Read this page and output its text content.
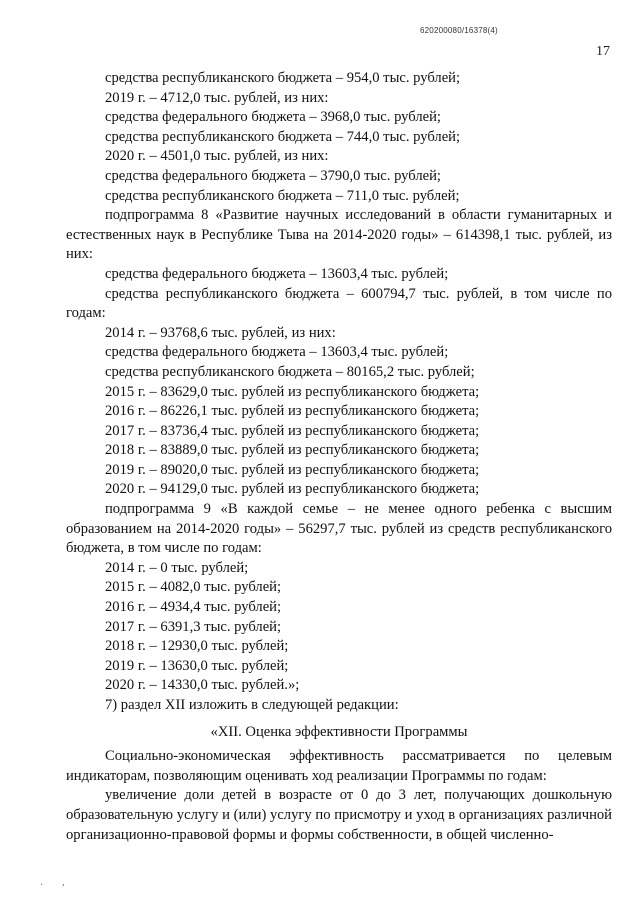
620200080/16378(4)
17

средства республиканского бюджета – 954,0 тыс. рублей;

2019 г. – 4712,0 тыс. рублей, из них:

средства федерального бюджета – 3968,0 тыс. рублей;

средства республиканского бюджета – 744,0 тыс. рублей;

2020 г. – 4501,0 тыс. рублей, из них:

средства федерального бюджета – 3790,0 тыс. рублей;

средства республиканского бюджета – 711,0 тыс. рублей;

подпрограмма 8 «Развитие научных исследований в области гуманитарных и естественных наук в Республике Тыва на 2014-2020 годы» – 614398,1 тыс. рублей, из них:

средства федерального бюджета – 13603,4 тыс. рублей;

средства республиканского бюджета – 600794,7 тыс. рублей, в том числе по годам:

2014 г. – 93768,6 тыс. рублей, из них:

средства федерального бюджета – 13603,4 тыс. рублей;

средства республиканского бюджета – 80165,2 тыс. рублей;

2015 г. – 83629,0 тыс. рублей из республиканского бюджета;

2016 г. – 86226,1 тыс. рублей из республиканского бюджета;

2017 г. – 83736,4 тыс. рублей из республиканского бюджета;

2018 г. – 83889,0 тыс. рублей из республиканского бюджета;

2019 г. – 89020,0 тыс. рублей из республиканского бюджета;

2020 г. – 94129,0 тыс. рублей из республиканского бюджета;

подпрограмма 9 «В каждой семье – не менее одного ребенка с высшим образованием на 2014-2020 годы» – 56297,7 тыс. рублей из средств республиканского бюджета, в том числе по годам:

2014 г. – 0 тыс. рублей;

2015 г. – 4082,0 тыс. рублей;

2016 г. – 4934,4 тыс. рублей;

2017 г. – 6391,3 тыс. рублей;

2018 г. – 12930,0 тыс. рублей;

2019 г. – 13630,0 тыс. рублей;

2020 г. – 14330,0 тыс. рублей.»;

7) раздел XII изложить в следующей редакции:

«XII. Оценка эффективности Программы

Социально-экономическая эффективность рассматривается по целевым индикаторам, позволяющим оценивать ход реализации Программы по годам:

увеличение доли детей в возрасте от 0 до 3 лет, получающих дошкольную образовательную услугу и (или) услугу по присмотру и уход в организациях различной организационно-правовой формы и формы собственности, в общей численно-

· ,
